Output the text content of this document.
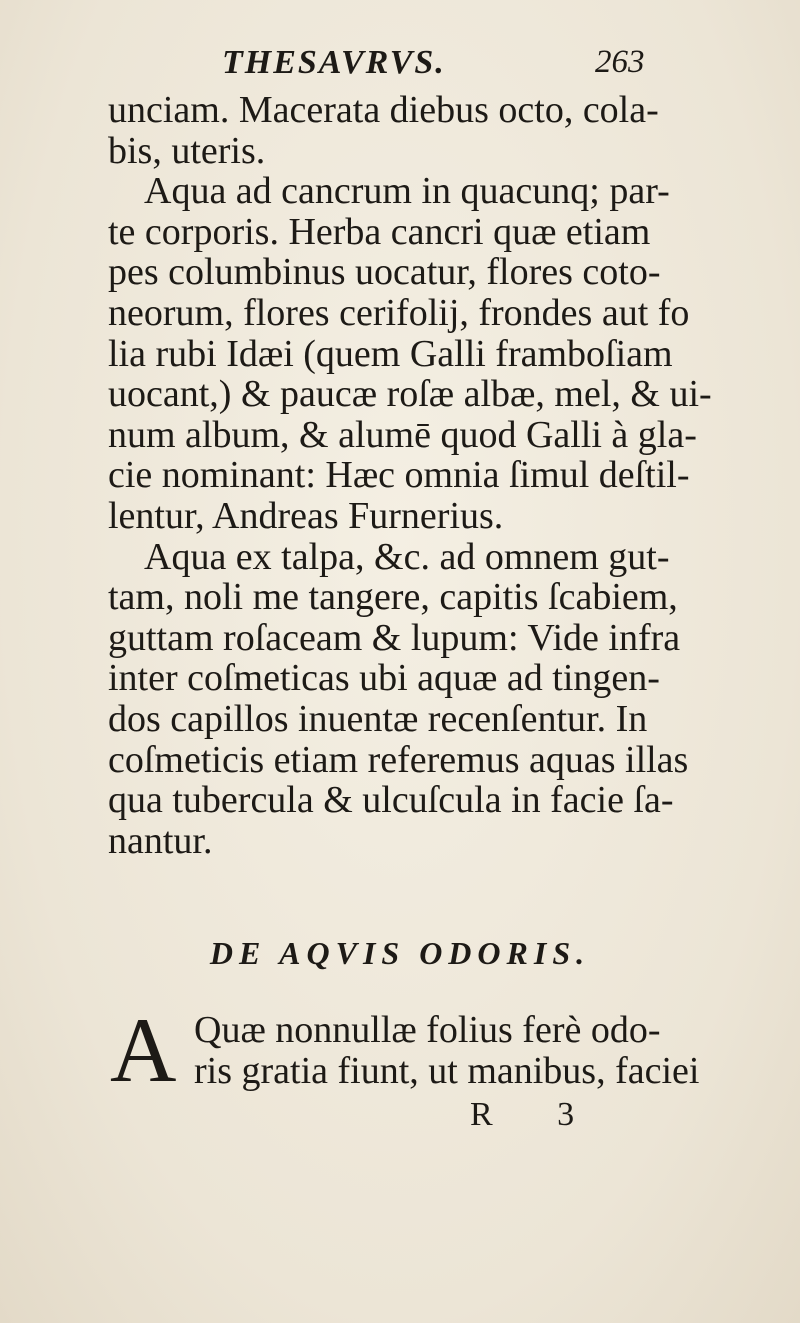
THESAVRVS.	263
unciam. Macerata diebus octo, cola-
bis, uteris.
Aqua ad cancrum in quacunq; par-
te corporis. Herba cancri quæ etiam
pes columbinus uocatur, flores coto-
neorum, flores cerifolij, frondes aut fo
lia rubi Idæi (quem Galli framboſiam
uocant,) & paucæ roſæ albæ, mel, & ui-
num album, & alumē quod Galli à gla-
cie nominant: Hæc omnia ſimul deſtil-
lentur, Andreas Furnerius.
Aqua ex talpa, &c. ad omnem gut-
tam, noli me tangere, capitis ſcabiem,
guttam roſaceam & lupum: Vide infra
inter coſmeticas ubi aquæ ad tingen-
dos capillos inuentæ recenſentur. In
coſmeticis etiam referemus aquas illas
qua tubercula & ulcuſcula in facie ſa-
nantur.
DE AQVIS ODORIS.
A Quæ nonnullæ folius ferè odo-
ris gratia fiunt, ut manibus, faciei
R 3
